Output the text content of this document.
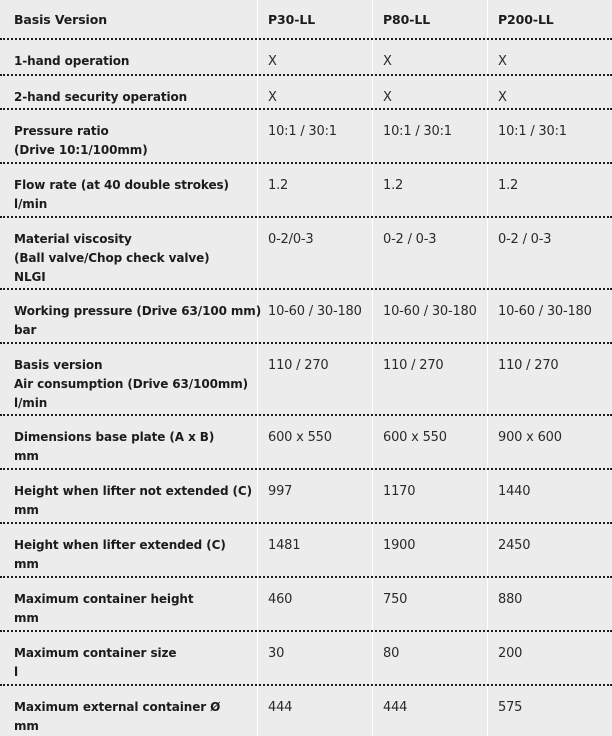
Basis Version	P30-LL	P80-LL	P200-LL
1-hand operation	X	X	X
2-hand security operation	X	X	X
Pressure ratio
(Drive 10:1/100mm)
10:1 / 30:1	10:1 / 30:1	10:1 / 30:1
Flow rate (at 40 double strokes)
l/min
1.2	1.2	1.2
Material viscosity
(Ball valve/Chop check valve)
NLGI
0-2/0-3	0-2 / 0-3	0-2 / 0-3
Working pressure (Drive 63/100 mm)
bar
10-60 / 30-180	10-60 / 30-180	10-60 / 30-180
Basis version
Air consumption (Drive 63/100mm)
l/min
110 / 270	110 / 270	110 / 270
Dimensions base plate (A x B)
mm
600 x 550	600 x 550	900 x 600
Height when lifter not extended (C)
mm
997	1170	1440
Height when lifter extended (C)
mm
1481	1900	2450
Maximum container height
mm
460	750	880
Maximum container size
l
30	80	200
Maximum external container Ø
mm
444	444	575
